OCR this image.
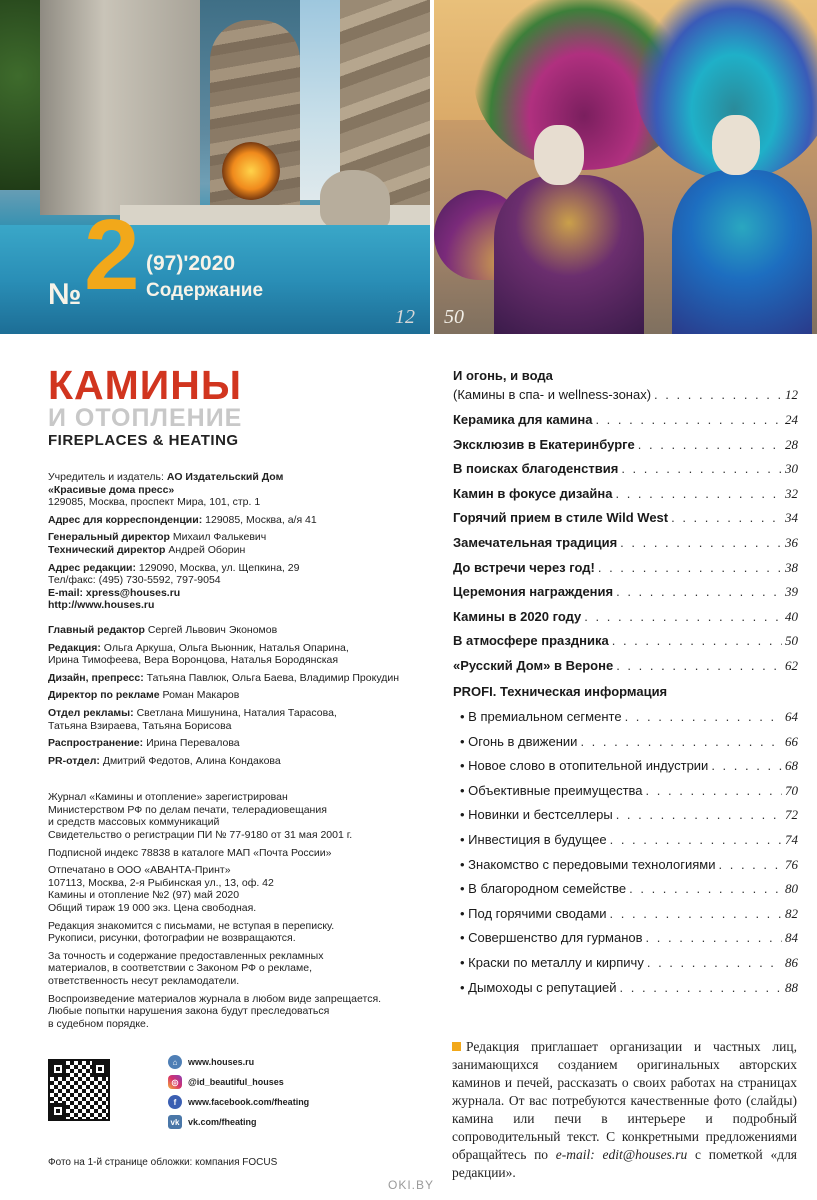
№ 2 (97)'2020
Содержание
12 50
КАМИНЫ
И ОТОПЛЕНИЕ
FIREPLACES & HEATING

Учредитель и издатель: АО Издательский Дом

«Красивые дома пресс»

129085, Москва, проспект Мира, 101, стр. 1

Адрес для корреспонденции: 129085, Москва, а/я 41

Генеральный директор Михаил Фалькевич

Технический директор Андрей Оборин

Адрес редакции: 129090, Москва, ул. Щепкина, 29

Тел/факс: (495) 730-5592, 797-9054

E-mail: xpress@houses.ru

http://www.houses.ru

Главный редактор Сергей Львович Экономов

Редакция: Ольга Аркуша, Ольга Вьюнник, Наталья Опарина,

Ирина Тимофеева, Вера Воронцова, Наталья Бородянская

Дизайн, препресс: Татьяна Павлюк, Ольга Баева, Владимир Прокудин

Директор по рекламе Роман Макаров

Отдел рекламы: Светлана Мишунина, Наталия Тарасова,

Татьяна Взираева, Татьяна Борисова

Распространение: Ирина Перевалова

PR-отдел: Дмитрий Федотов, Алина Кондакова

Журнал «Камины и отопление» зарегистрирован

Министерством РФ по делам печати, телерадиовещания

и средств массовых коммуникаций

Свидетельство о регистрации ПИ № 77-9180 от 31 мая 2001 г.

Подписной индекс 78838 в каталоге МАП «Почта России»

Отпечатано в ООО «АВАНТА-Принт»

107113, Москва, 2-я Рыбинская ул., 13, оф. 42

Камины и отопление №2 (97) май 2020

Общий тираж 19 000 экз. Цена свободная.

Редакция знакомится с письмами, не вступая в переписку.

Рукописи, рисунки, фотографии не возвращаются.

За точность и содержание предоставленных рекламных

материалов, в соответствии с Законом РФ о рекламе,

ответственность несут рекламодатели.

Воспроизведение материалов журнала в любом виде запрещается.

Любые попытки нарушения закона будут преследоваться

в судебном порядке.

⌂	www.houses.ru
◎	@id_beautiful_houses
f	www.facebook.com/fheating
vk vk.com/fheating
Фото на 1-й странице обложки: компания FOCUS
OKI.BY
И огонь, и вода
(Камины в спа- и wellness-зонах) . . .	12
Керамика для камина . . .	24
Эксклюзив в Екатеринбурге . . .	28
В поисках благоденствия . . .	30
Камин в фокусе дизайна . . .	32
Горячий прием в стиле Wild West . . .	34
Замечательная традиция . . .	36
До встречи через год! . . .	38
Церемония награждения . . .	39
Камины в 2020 году . . .	40
В атмосфере праздника . . .	50
«Русский Дом» в Вероне . . .	62
PROFI. Техническая информация
• В премиальном сегменте . . .	64
• Огонь в движении . . .	66
• Новое слово в отопительной индустрии . . .	68
• Объективные преимущества . . .	70
• Новинки и бестселлеры . . .	72
• Инвестиция в будущее . . .	74
• Знакомство с передовыми технологиями . . .	76
• В благородном семействе . . .	80
• Под горячими сводами . . .	82
• Совершенство для гурманов . . .	84
• Краски по металлу и кирпичу . . .	86
• Дымоходы с репутацией . . .	88
Редакция приглашает организации и частных лиц, занимающихся созданием оригинальных авторских каминов и печей, рассказать о своих работах на страницах журнала. От вас потребуются качественные фото (слайды) камина или печи в интерьере и подробный сопроводительный текст. С конкретными предложениями обращайтесь по e-mail: edit@houses.ru с пометкой «для редакции».
